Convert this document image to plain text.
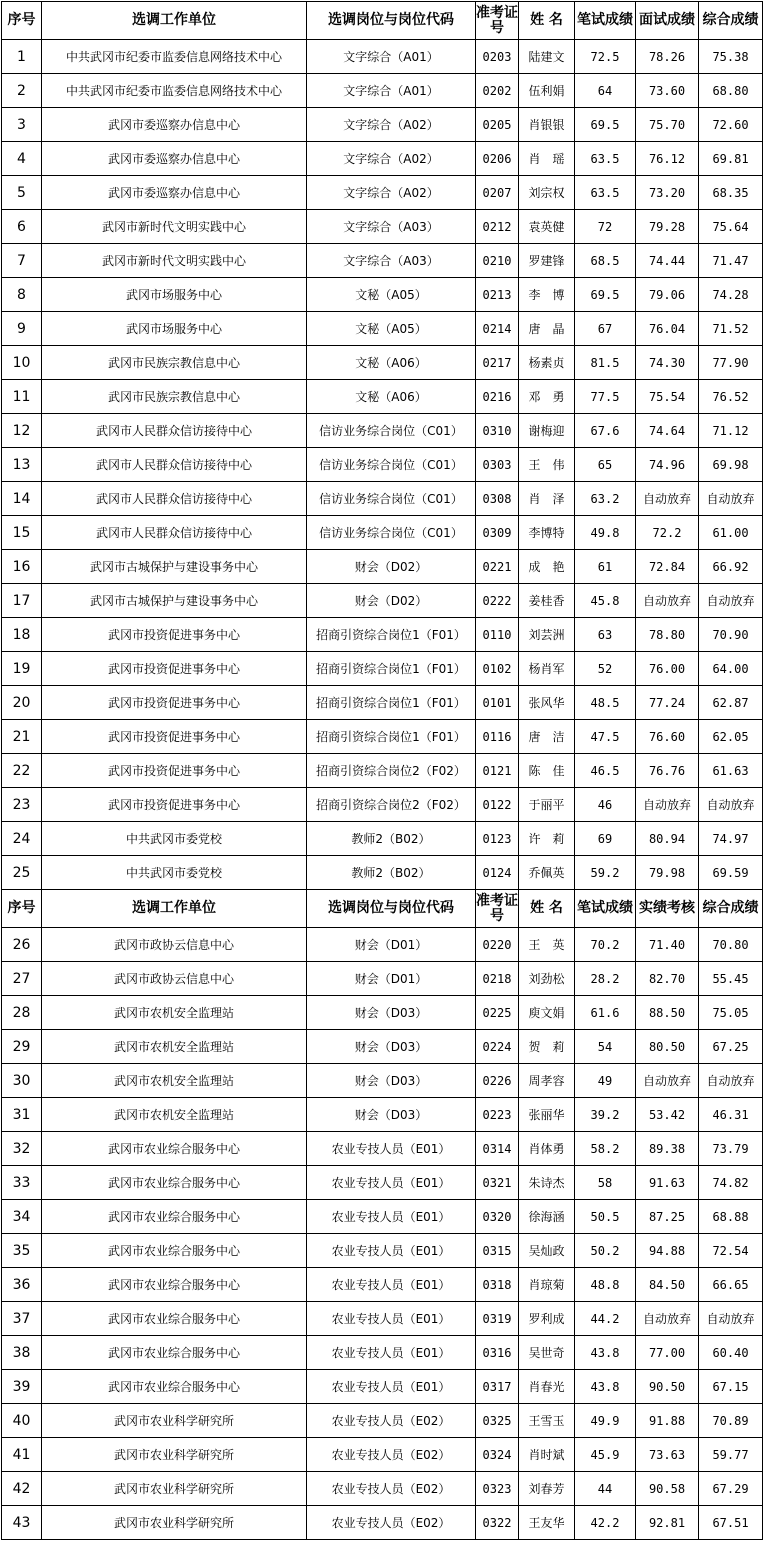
序号	选调工作单位	选调岗位与岗位代码	准考证号	姓 名	笔试成绩	面试成绩	综合成绩
1	中共武冈市纪委市监委信息网络技术中心	文字综合（A01）	0203	陆建文	72.5	78.26	75.38
2	中共武冈市纪委市监委信息网络技术中心	文字综合（A01）	0202	伍利娟	64	73.60	68.80
3	武冈市委巡察办信息中心	文字综合（A02）	0205	肖银银	69.5	75.70	72.60
4	武冈市委巡察办信息中心	文字综合（A02）	0206	肖　瑶	63.5	76.12	69.81
5	武冈市委巡察办信息中心	文字综合（A02）	0207	刘宗权	63.5	73.20	68.35
6	武冈市新时代文明实践中心	文字综合（A03）	0212	袁英健	72	79.28	75.64
7	武冈市新时代文明实践中心	文字综合（A03）	0210	罗建锋	68.5	74.44	71.47
8	武冈市场服务中心	文秘（A05）	0213	李　博	69.5	79.06	74.28
9	武冈市场服务中心	文秘（A05）	0214	唐　晶	67	76.04	71.52
10	武冈市民族宗教信息中心	文秘（A06）	0217	杨素贞	81.5	74.30	77.90
11	武冈市民族宗教信息中心	文秘（A06）	0216	邓　勇	77.5	75.54	76.52
12	武冈市人民群众信访接待中心	信访业务综合岗位（C01）	0310	谢梅迎	67.6	74.64	71.12
13	武冈市人民群众信访接待中心	信访业务综合岗位（C01）	0303	王　伟	65	74.96	69.98
14	武冈市人民群众信访接待中心	信访业务综合岗位（C01）	0308	肖　泽	63.2	自动放弃	自动放弃
15	武冈市人民群众信访接待中心	信访业务综合岗位（C01）	0309	李博特	49.8	72.2	61.00
16	武冈市古城保护与建设事务中心	财会（D02）	0221	成　艳	61	72.84	66.92
17	武冈市古城保护与建设事务中心	财会（D02）	0222	姜桂香	45.8	自动放弃	自动放弃
18	武冈市投资促进事务中心	招商引资综合岗位1（F01）	0110	刘芸洲	63	78.80	70.90
19	武冈市投资促进事务中心	招商引资综合岗位1（F01）	0102	杨肖军	52	76.00	64.00
20	武冈市投资促进事务中心	招商引资综合岗位1（F01）	0101	张风华	48.5	77.24	62.87
21	武冈市投资促进事务中心	招商引资综合岗位1（F01）	0116	唐　洁	47.5	76.60	62.05
22	武冈市投资促进事务中心	招商引资综合岗位2（F02）	0121	陈　佳	46.5	76.76	61.63
23	武冈市投资促进事务中心	招商引资综合岗位2（F02）	0122	于丽平	46	自动放弃	自动放弃
24	中共武冈市委党校	教师2（B02）	0123	许　莉	69	80.94	74.97
25	中共武冈市委党校	教师2（B02）	0124	乔佩英	59.2	79.98	69.59
序号	选调工作单位	选调岗位与岗位代码	准考证号	姓 名	笔试成绩	实绩考核	综合成绩
26	武冈市政协云信息中心	财会（D01）	0220	王　英	70.2	71.40	70.80
27	武冈市政协云信息中心	财会（D01）	0218	刘劲松	28.2	82.70	55.45
28	武冈市农机安全监理站	财会（D03）	0225	庾文娟	61.6	88.50	75.05
29	武冈市农机安全监理站	财会（D03）	0224	贺　莉	54	80.50	67.25
30	武冈市农机安全监理站	财会（D03）	0226	周孝容	49	自动放弃	自动放弃
31	武冈市农机安全监理站	财会（D03）	0223	张丽华	39.2	53.42	46.31
32	武冈市农业综合服务中心	农业专技人员（E01）	0314	肖体勇	58.2	89.38	73.79
33	武冈市农业综合服务中心	农业专技人员（E01）	0321	朱诗杰	58	91.63	74.82
34	武冈市农业综合服务中心	农业专技人员（E01）	0320	徐海涵	50.5	87.25	68.88
35	武冈市农业综合服务中心	农业专技人员（E01）	0315	吴灿政	50.2	94.88	72.54
36	武冈市农业综合服务中心	农业专技人员（E01）	0318	肖琼菊	48.8	84.50	66.65
37	武冈市农业综合服务中心	农业专技人员（E01）	0319	罗利成	44.2	自动放弃	自动放弃
38	武冈市农业综合服务中心	农业专技人员（E01）	0316	吴世奇	43.8	77.00	60.40
39	武冈市农业综合服务中心	农业专技人员（E01）	0317	肖春光	43.8	90.50	67.15
40	武冈市农业科学研究所	农业专技人员（E02）	0325	王雪玉	49.9	91.88	70.89
41	武冈市农业科学研究所	农业专技人员（E02）	0324	肖时斌	45.9	73.63	59.77
42	武冈市农业科学研究所	农业专技人员（E02）	0323	刘春芳	44	90.58	67.29
43	武冈市农业科学研究所	农业专技人员（E02）	0322	王友华	42.2	92.81	67.51
